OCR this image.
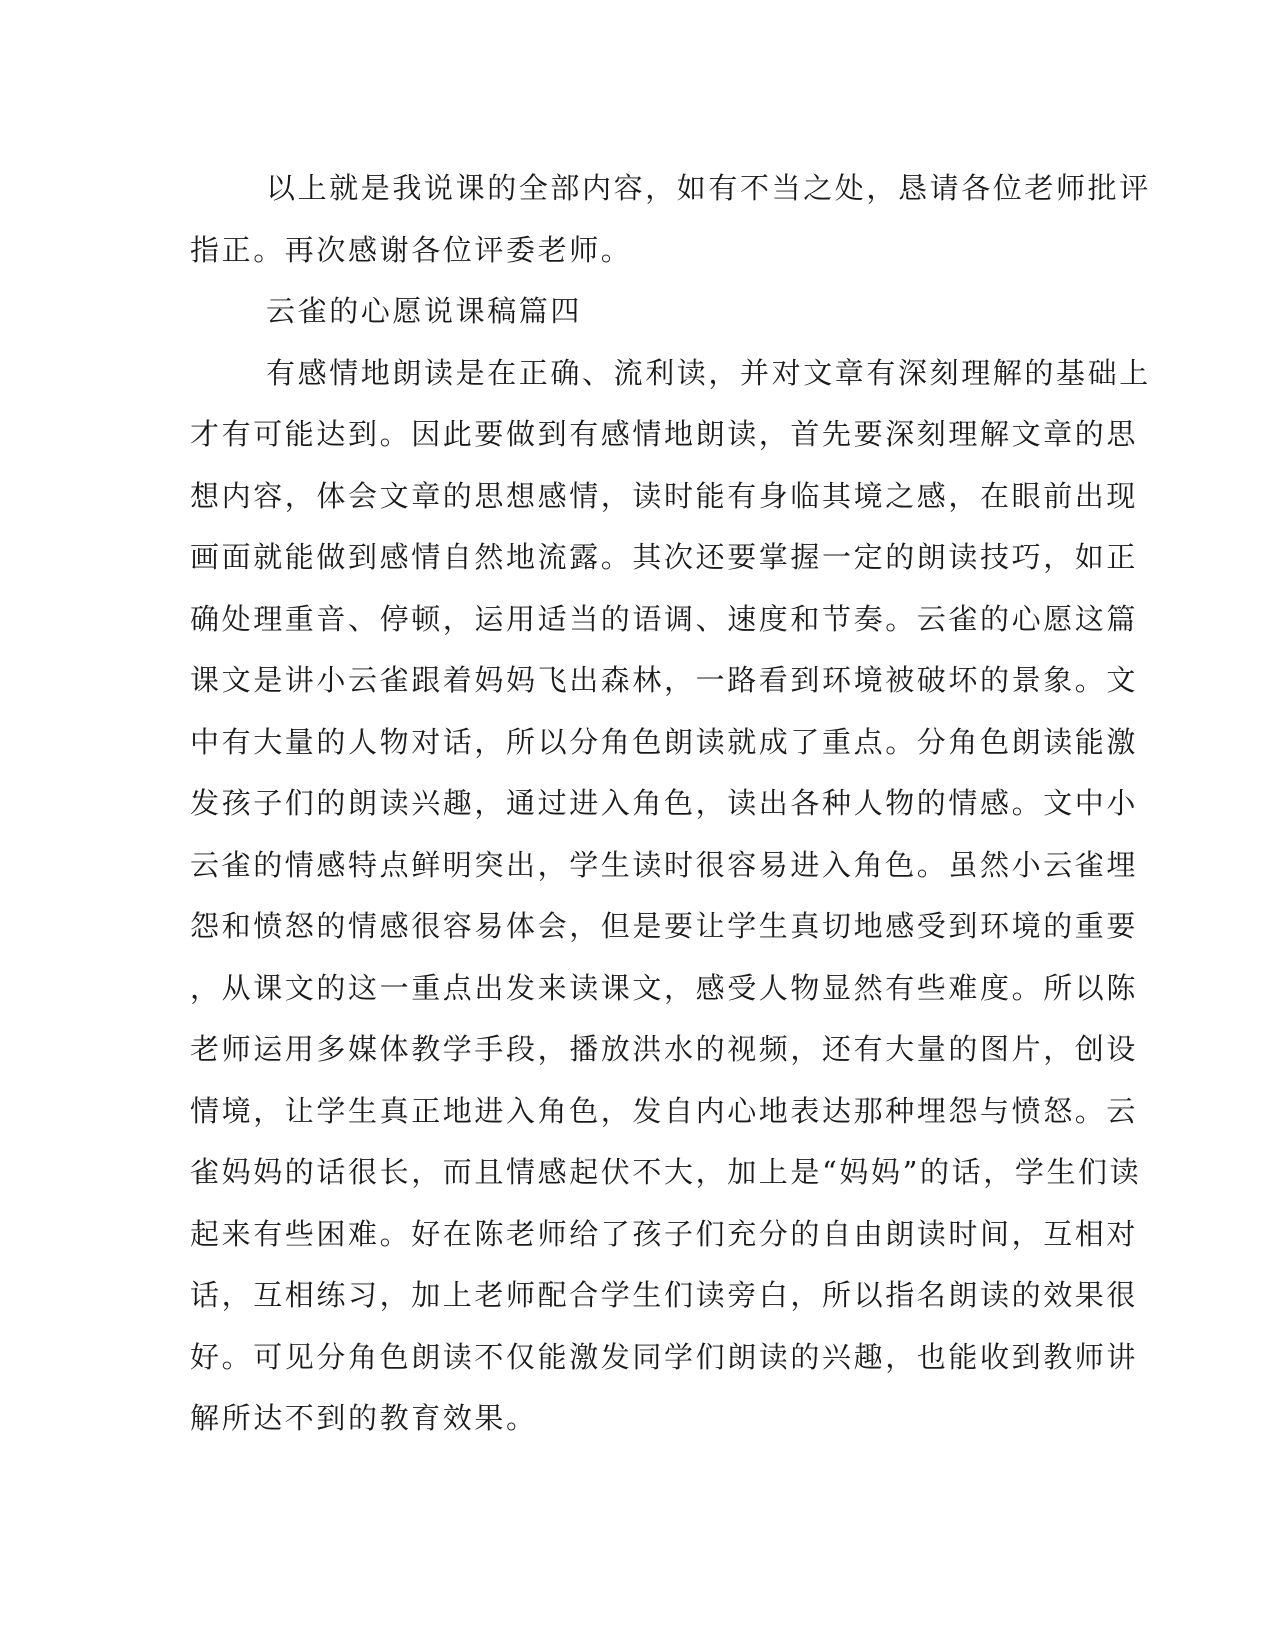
以上就是我说课的全部内容，如有不当之处，恳请各位老师批评
指正。再次感谢各位评委老师。
云雀的心愿说课稿篇四
有感情地朗读是在正确、流利读，并对文章有深刻理解的基础上
才有可能达到。因此要做到有感情地朗读，首先要深刻理解文章的思
想内容，体会文章的思想感情，读时能有身临其境之感，在眼前出现
画面就能做到感情自然地流露。其次还要掌握一定的朗读技巧，如正
确处理重音、停顿，运用适当的语调、速度和节奏。云雀的心愿这篇
课文是讲小云雀跟着妈妈飞出森林，一路看到环境被破坏的景象。文
中有大量的人物对话，所以分角色朗读就成了重点。分角色朗读能激
发孩子们的朗读兴趣，通过进入角色，读出各种人物的情感。文中小
云雀的情感特点鲜明突出，学生读时很容易进入角色。虽然小云雀埋
怨和愤怒的情感很容易体会，但是要让学生真切地感受到环境的重要
，从课文的这一重点出发来读课文，感受人物显然有些难度。所以陈
老师运用多媒体教学手段，播放洪水的视频，还有大量的图片，创设
情境，让学生真正地进入角色，发自内心地表达那种埋怨与愤怒。云
雀妈妈的话很长，而且情感起伏不大，加上是“妈妈”的话，学生们读
起来有些困难。好在陈老师给了孩子们充分的自由朗读时间，互相对
话，互相练习，加上老师配合学生们读旁白，所以指名朗读的效果很
好。可见分角色朗读不仅能激发同学们朗读的兴趣，也能收到教师讲
解所达不到的教育效果。
